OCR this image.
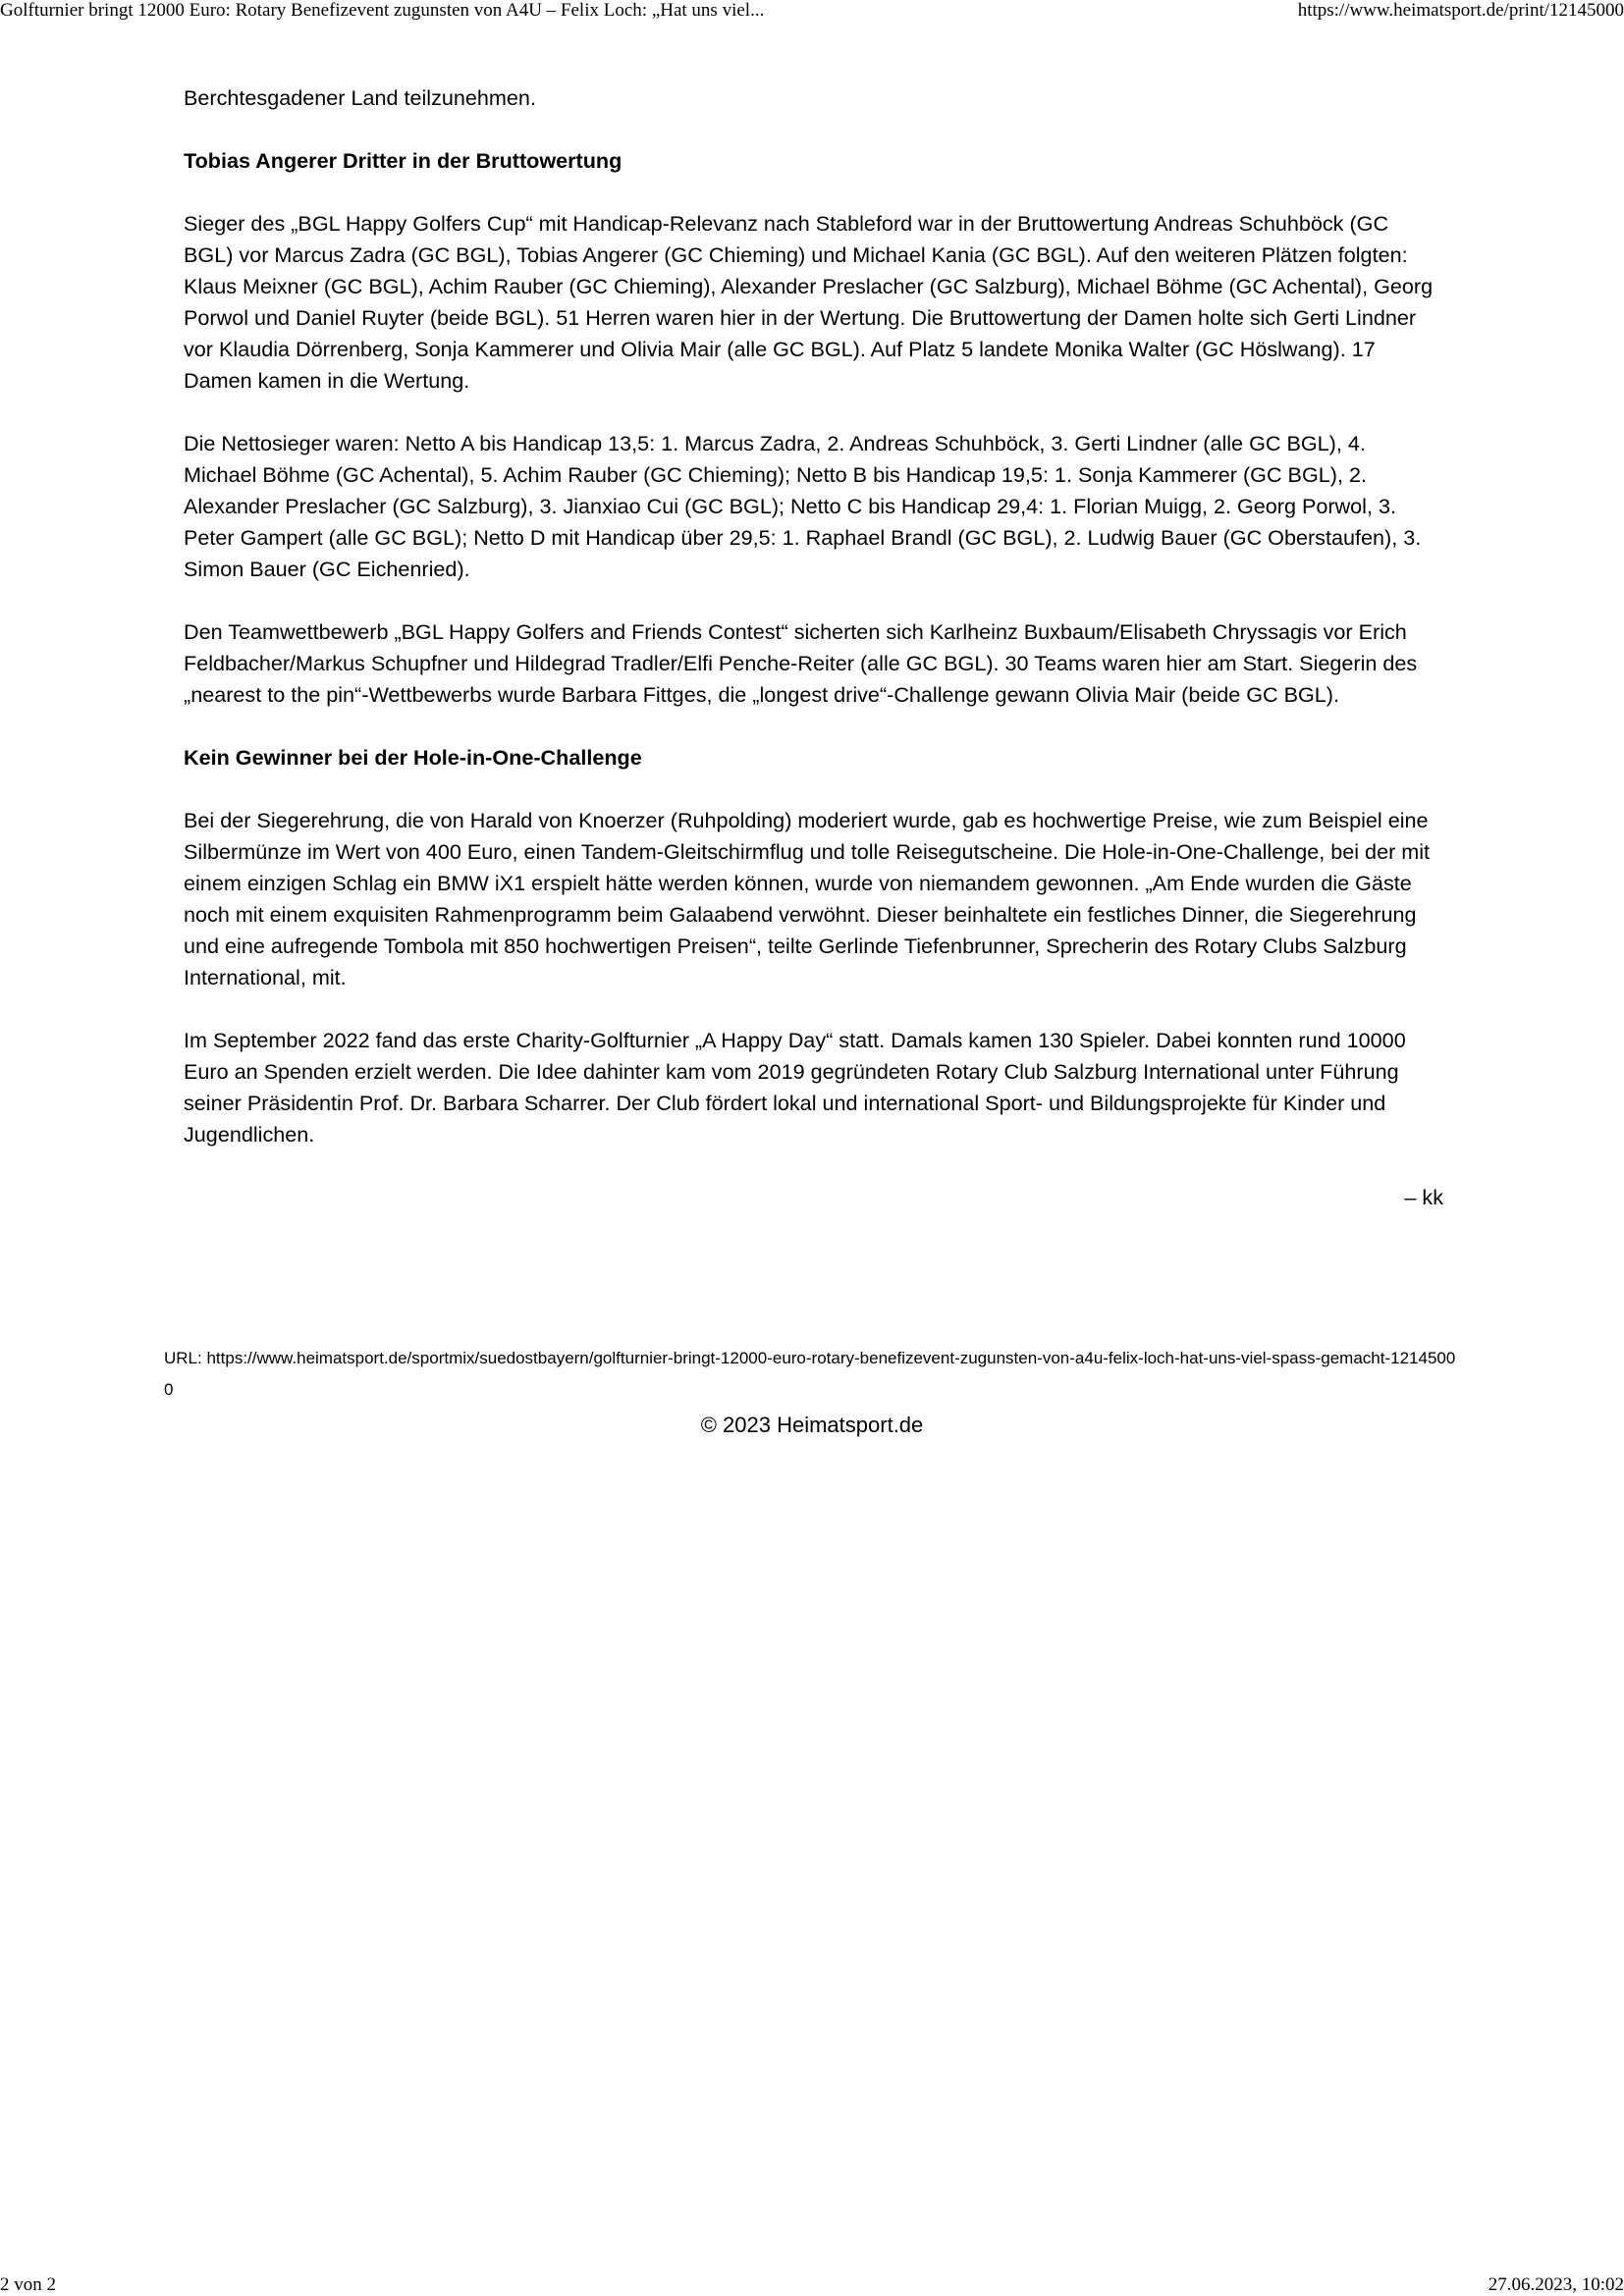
Golfturnier bringt 12000 Euro: Rotary Benefizevent zugunsten von A4U – Felix Loch: „Hat uns viel...	https://www.heimatsport.de/print/12145000

Berchtesgadener Land teilzunehmen.

Tobias Angerer Dritter in der Bruttowertung

Sieger des „BGL Happy Golfers Cup“ mit Handicap-Relevanz nach Stableford war in der Bruttowertung Andreas Schuhböck (GC BGL) vor Marcus Zadra (GC BGL), Tobias Angerer (GC Chieming) und Michael Kania (GC BGL). Auf den weiteren Plätzen folgten: Klaus Meixner (GC BGL), Achim Rauber (GC Chieming), Alexander Preslacher (GC Salzburg), Michael Böhme (GC Achental), Georg Porwol und Daniel Ruyter (beide BGL). 51 Herren waren hier in der Wertung. Die Bruttowertung der Damen holte sich Gerti Lindner vor Klaudia Dörrenberg, Sonja Kammerer und Olivia Mair (alle GC BGL). Auf Platz 5 landete Monika Walter (GC Höslwang). 17 Damen kamen in die Wertung.

Die Nettosieger waren: Netto A bis Handicap 13,5: 1. Marcus Zadra, 2. Andreas Schuhböck, 3. Gerti Lindner (alle GC BGL), 4. Michael Böhme (GC Achental), 5. Achim Rauber (GC Chieming); Netto B bis Handicap 19,5: 1. Sonja Kammerer (GC BGL), 2. Alexander Preslacher (GC Salzburg), 3. Jianxiao Cui (GC BGL); Netto C bis Handicap 29,4: 1. Florian Muigg, 2. Georg Porwol, 3. Peter Gampert (alle GC BGL); Netto D mit Handicap über 29,5: 1. Raphael Brandl (GC BGL), 2. Ludwig Bauer (GC Oberstaufen), 3. Simon Bauer (GC Eichenried).

Den Teamwettbewerb „BGL Happy Golfers and Friends Contest“ sicherten sich Karlheinz Buxbaum/Elisabeth Chryssagis vor Erich Feldbacher/Markus Schupfner und Hildegrad Tradler/Elfi Penche-Reiter (alle GC BGL). 30 Teams waren hier am Start. Siegerin des „nearest to the pin“-Wettbewerbs wurde Barbara Fittges, die „longest drive“-Challenge gewann Olivia Mair (beide GC BGL).

Kein Gewinner bei der Hole-in-One-Challenge

Bei der Siegerehrung, die von Harald von Knoerzer (Ruhpolding) moderiert wurde, gab es hochwertige Preise, wie zum Beispiel eine Silbermünze im Wert von 400 Euro, einen Tandem-Gleitschirmflug und tolle Reisegutscheine. Die Hole-in-One-Challenge, bei der mit einem einzigen Schlag ein BMW iX1 erspielt hätte werden können, wurde von niemandem gewonnen. „Am Ende wurden die Gäste noch mit einem exquisiten Rahmenprogramm beim Galaabend verwöhnt. Dieser beinhaltete ein festliches Dinner, die Siegerehrung und eine aufregende Tombola mit 850 hochwertigen Preisen“, teilte Gerlinde Tiefenbrunner, Sprecherin des Rotary Clubs Salzburg International, mit.

Im September 2022 fand das erste Charity-Golfturnier „A Happy Day“ statt. Damals kamen 130 Spieler. Dabei konnten rund 10000 Euro an Spenden erzielt werden. Die Idee dahinter kam vom 2019 gegründeten Rotary Club Salzburg International unter Führung seiner Präsidentin Prof. Dr. Barbara Scharrer. Der Club fördert lokal und international Sport- und Bildungsprojekte für Kinder und Jugendlichen.

– kk

URL: https://www.heimatsport.de/sportmix/suedostbayern/golfturnier-bringt-12000-euro-rotary-benefizevent-zugunsten-von-a4u-felix-loch-hat-uns-viel-spass-gemacht-12145000
© 2023 Heimatsport.de
2 von 2	27.06.2023, 10:02
